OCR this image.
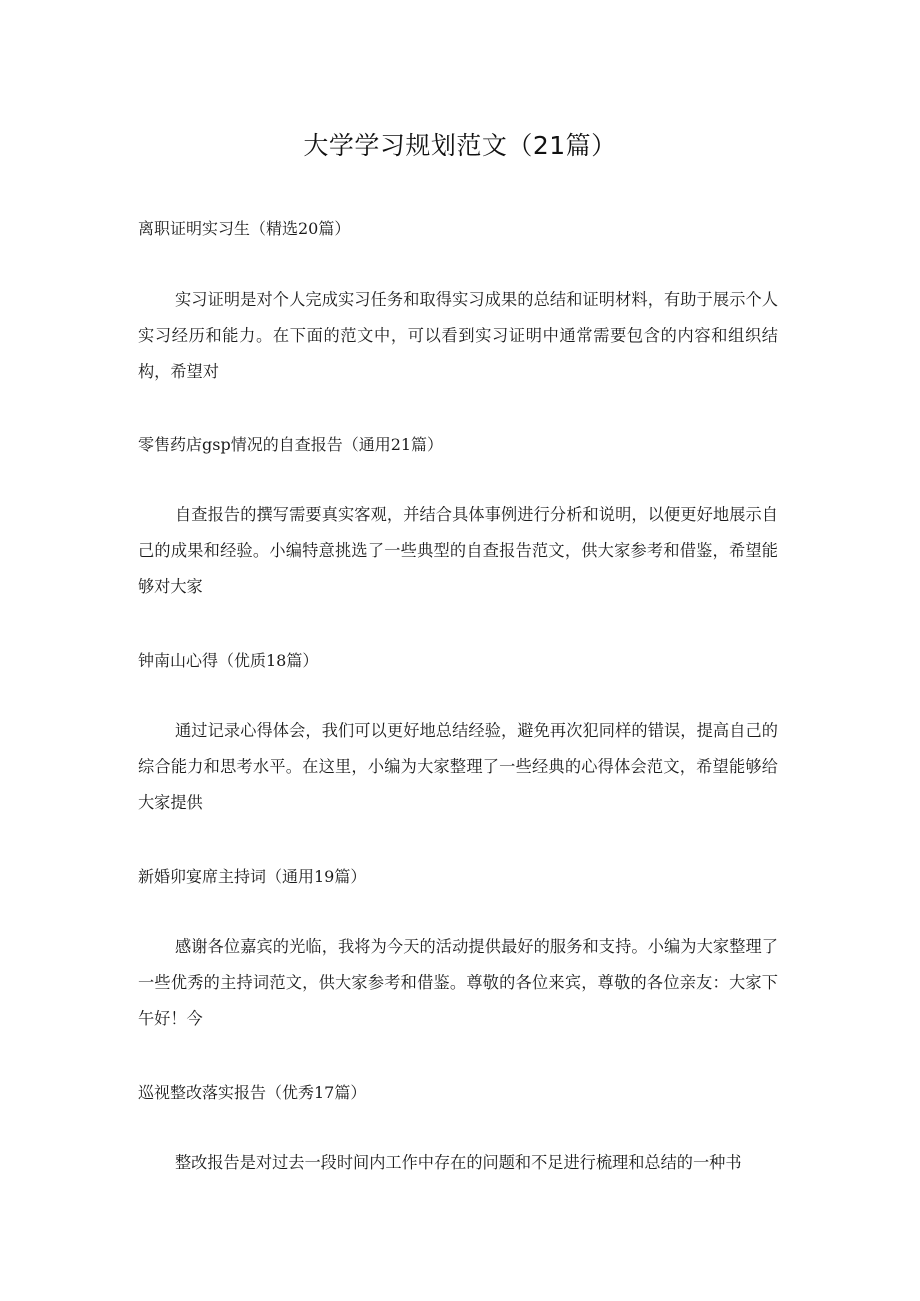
大学学习规划范文（21篇）
离职证明实习生（精选20篇）

实习证明是对个人完成实习任务和取得实习成果的总结和证明材料，有助于展示个人实习经历和能力。在下面的范文中，可以看到实习证明中通常需要包含的内容和组织结构，希望对

零售药店gsp情况的自查报告（通用21篇）

自查报告的撰写需要真实客观，并结合具体事例进行分析和说明，以便更好地展示自己的成果和经验。小编特意挑选了一些典型的自查报告范文，供大家参考和借鉴，希望能够对大家

钟南山心得（优质18篇）

通过记录心得体会，我们可以更好地总结经验，避免再次犯同样的错误，提高自己的综合能力和思考水平。在这里，小编为大家整理了一些经典的心得体会范文，希望能够给大家提供

新婚卯宴席主持词（通用19篇）

感谢各位嘉宾的光临，我将为今天的活动提供最好的服务和支持。小编为大家整理了一些优秀的主持词范文，供大家参考和借鉴。尊敬的各位来宾，尊敬的各位亲友：大家下午好！今

巡视整改落实报告（优秀17篇）

整改报告是对过去一段时间内工作中存在的问题和不足进行梳理和总结的一种书
